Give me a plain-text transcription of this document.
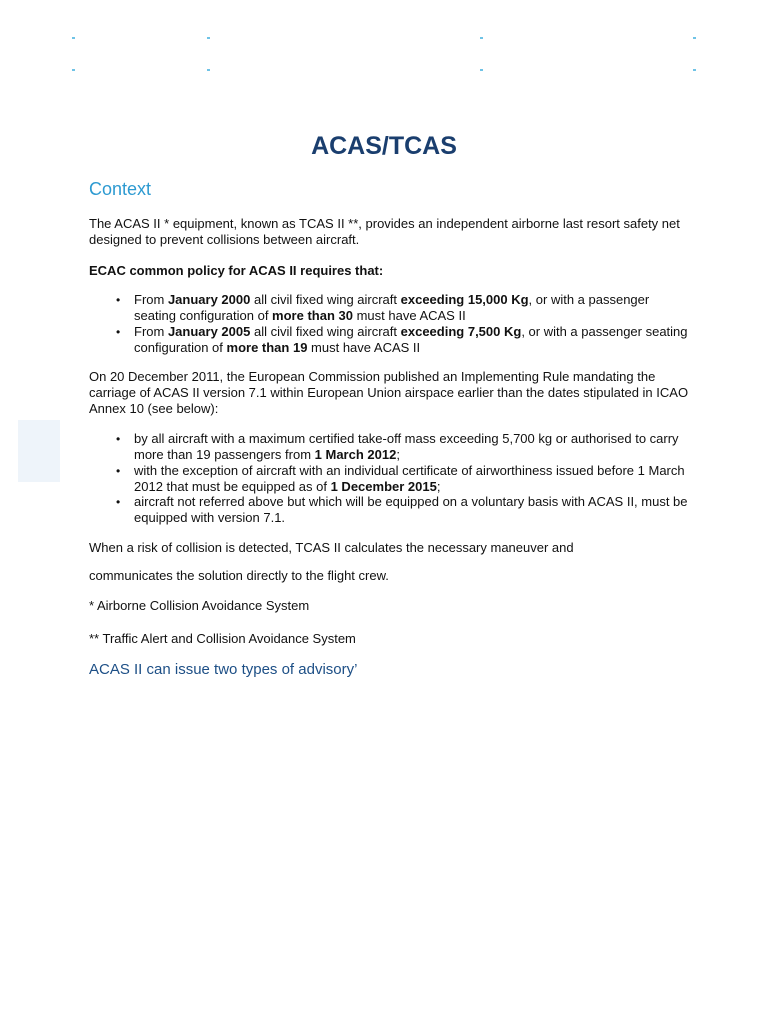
ACAS/TCAS
Context

The ACAS II * equipment, known as TCAS II **, provides an independent airborne last resort safety net designed to prevent collisions between aircraft.

ECAC common policy for ACAS II requires that:

• From January 2000 all civil fixed wing aircraft exceeding 15,000 Kg, or with a passenger seating configuration of more than 30 must have ACAS II

• From January 2005 all civil fixed wing aircraft exceeding 7,500 Kg, or with a passenger seating configuration of more than 19 must have ACAS II

On 20 December 2011, the European Commission published an Implementing Rule mandating the carriage of ACAS II version 7.1 within European Union airspace earlier than the dates stipulated in ICAO Annex 10 (see below):

• by all aircraft with a maximum certified take-off mass exceeding 5,700 kg or authorised to carry more than 19 passengers from 1 March 2012;

• with the exception of aircraft with an individual certificate of airworthiness issued before 1 March 2012 that must be equipped as of 1 December 2015;

• aircraft not referred above but which will be equipped on a voluntary basis with ACAS II, must be equipped with version 7.1.

When a risk of collision is detected, TCAS II calculates the necessary maneuver and

communicates the solution directly to the flight crew.

* Airborne Collision Avoidance System

** Traffic Alert and Collision Avoidance System

ACAS II can issue two types of advisory’
